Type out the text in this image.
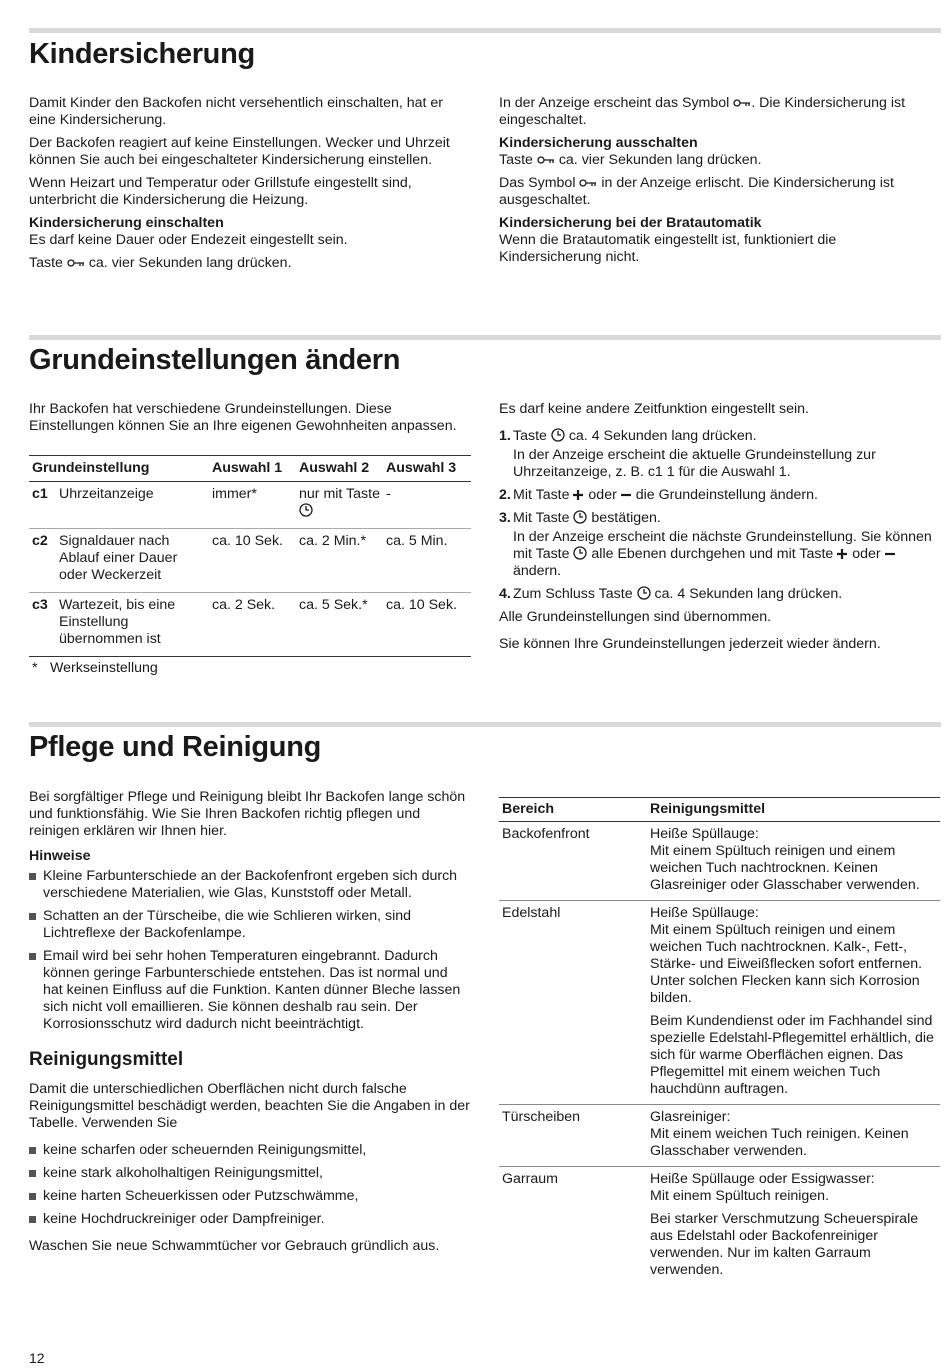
Kindersicherung

Damit Kinder den Backofen nicht versehentlich einschalten, hat er eine Kindersicherung.

Der Backofen reagiert auf keine Einstellungen. Wecker und Uhrzeit können Sie auch bei eingeschalteter Kindersicherung einstellen.

Wenn Heizart und Temperatur oder Grillstufe eingestellt sind, unterbricht die Kindersicherung die Heizung.

Kindersicherung einschalten
Es darf keine Dauer oder Endezeit eingestellt sein.

Taste ca. vier Sekunden lang drücken.

In der Anzeige erscheint das Symbol . Die Kindersicherung ist eingeschaltet.

Kindersicherung ausschalten
Taste ca. vier Sekunden lang drücken.

Das Symbol in der Anzeige erlischt. Die Kindersicherung ist ausgeschaltet.

Kindersicherung bei der Bratautomatik
Wenn die Bratautomatik eingestellt ist, funktioniert die Kindersicherung nicht.

Grundeinstellungen ändern

Ihr Backofen hat verschiedene Grundeinstellungen. Diese Einstellungen können Sie an Ihre eigenen Gewohnheiten anpassen.

Grundeinstellung		Auswahl 1	Auswahl 2	Auswahl 3
c1	Uhrzeitanzeige	immer*	nur mit Taste	-
c2	Signaldauer nach Ablauf einer Dauer oder Weckerzeit	ca. 10 Sek.	ca. 2 Min.*	ca. 5 Min.
c3	Wartezeit, bis eine Einstellung übernommen ist	ca. 2 Sek.	ca. 5 Sek.*	ca. 10 Sek.
* Werkseinstellung

Es darf keine andere Zeitfunktion eingestellt sein.

1. Taste ca. 4 Sekunden lang drücken.
In der Anzeige erscheint die aktuelle Grundeinstellung zur Uhrzeitanzeige, z. B. c1 1 für die Auswahl 1.
2. Mit Taste oder die Grundeinstellung ändern.
3. Mit Taste bestätigen.
In der Anzeige erscheint die nächste Grundeinstellung. Sie können mit Taste alle Ebenen durchgehen und mit Taste oder  ändern.
4. Zum Schluss Taste ca. 4 Sekunden lang drücken.

Alle Grundeinstellungen sind übernommen.

Sie können Ihre Grundeinstellungen jederzeit wieder ändern.

Pflege und Reinigung

Bei sorgfältiger Pflege und Reinigung bleibt Ihr Backofen lange schön und funktionsfähig. Wie Sie Ihren Backofen richtig pflegen und reinigen erklären wir Ihnen hier.

Hinweise
Kleine Farbunterschiede an der Backofenfront ergeben sich durch verschiedene Materialien, wie Glas, Kunststoff oder Metall.
Schatten an der Türscheibe, die wie Schlieren wirken, sind Lichtreflexe der Backofenlampe.
Email wird bei sehr hohen Temperaturen eingebrannt. Dadurch können geringe Farbunterschiede entstehen. Das ist normal und hat keinen Einfluss auf die Funktion. Kanten dünner Bleche lassen sich nicht voll emaillieren. Sie können deshalb rau sein. Der Korrosionsschutz wird dadurch nicht beeinträchtigt.
Reinigungsmittel

Damit die unterschiedlichen Oberflächen nicht durch falsche Reinigungsmittel beschädigt werden, beachten Sie die Angaben in der Tabelle. Verwenden Sie

keine scharfen oder scheuernden Reinigungsmittel,
keine stark alkoholhaltigen Reinigungsmittel,
keine harten Scheuerkissen oder Putzschwämme,
keine Hochdruckreiniger oder Dampfreiniger.

Waschen Sie neue Schwammtücher vor Gebrauch gründlich aus.

Bereich	Reinigungsmittel
Backofenfront	Heiße Spüllauge:
Mit einem Spültuch reinigen und einem weichen Tuch nachtrocknen. Keinen Glasreiniger oder Glasschaber verwenden.

Edelstahl	Heiße Spüllauge:
Mit einem Spültuch reinigen und einem weichen Tuch nachtrocknen. Kalk-, Fett-, Stärke- und Eiweißflecken sofort entfernen. Unter solchen Flecken kann sich Korrosion bilden.

Beim Kundendienst oder im Fachhandel sind spezielle Edelstahl-Pflegemittel erhältlich, die sich für warme Oberflächen eignen. Das Pflegemittel mit einem weichen Tuch hauchdünn auftragen.

Türscheiben	Glasreiniger:
Mit einem weichen Tuch reinigen. Keinen Glasschaber verwenden.

Garraum	Heiße Spüllauge oder Essigwasser:
Mit einem Spültuch reinigen.

Bei starker Verschmutzung Scheuerspirale aus Edelstahl oder Backofenreiniger verwenden. Nur im kalten Garraum verwenden.

12
